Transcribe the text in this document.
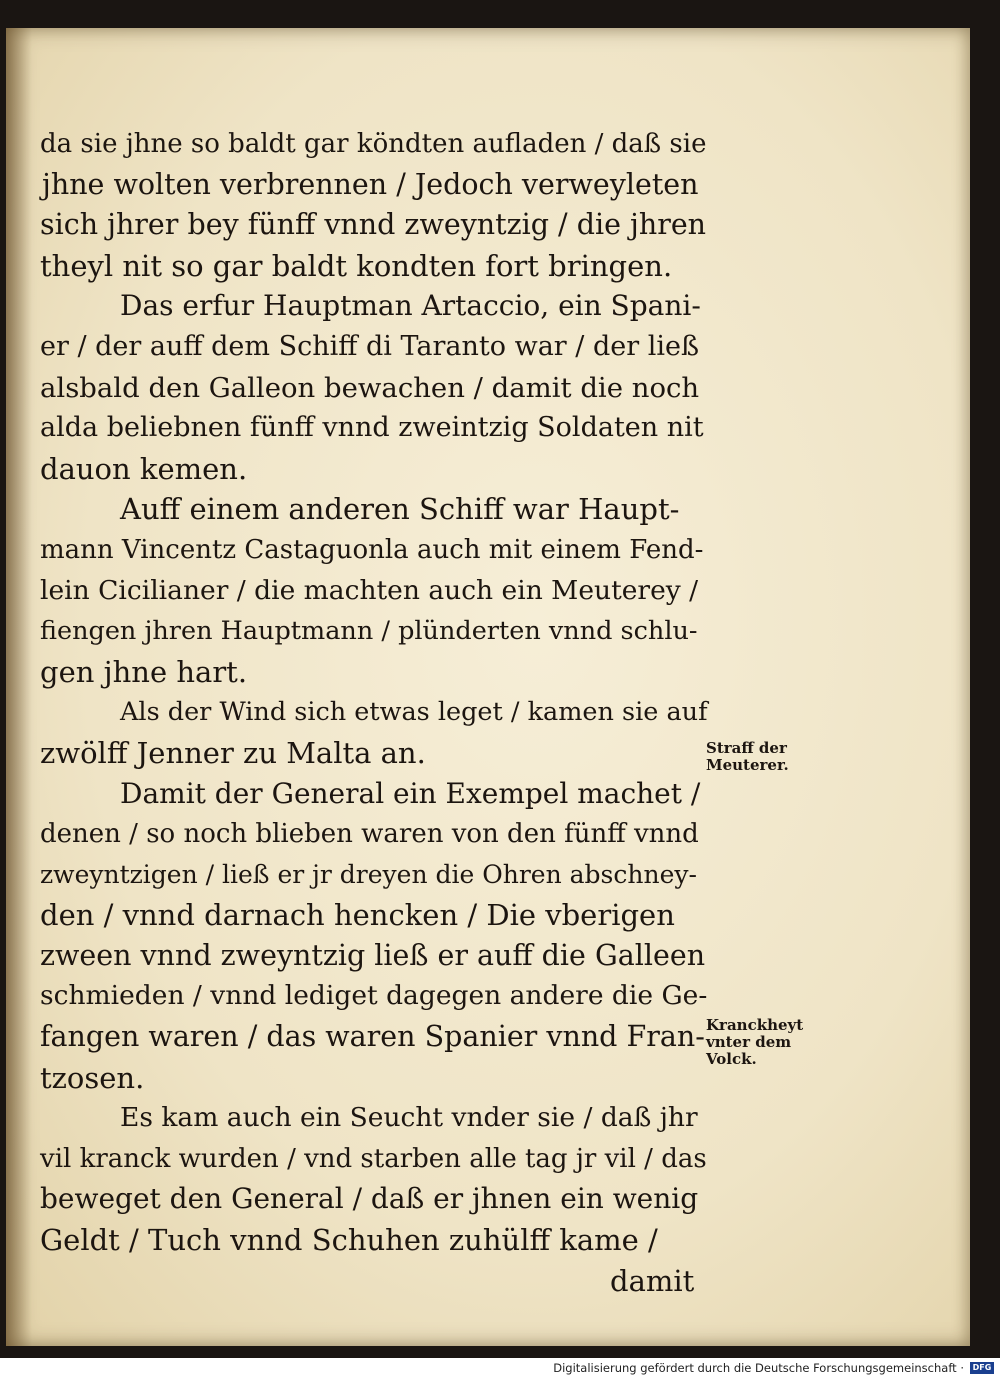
da sie jhne so baldt gar köndten aufladen / daß sie
jhne wolten verbrennen / Jedoch verweyleten
sich jhrer bey fünff vnnd zweyntzig / die jhren
theyl nit so gar baldt kondten fort bringen.
Das erfur Hauptman Artaccio, ein Spani-
er / der auff dem Schiff di Taranto war / der ließ
alsbald den Galleon bewachen / damit die noch
alda beliebnen fünff vnnd zweintzig Soldaten nit
dauon kemen.
Auff einem anderen Schiff war Haupt-
mann Vincentz Castaguonla auch mit einem Fend-
lein Cicilianer / die machten auch ein Meuterey /
fiengen jhren Hauptmann / plünderten vnnd schlu-
gen jhne hart.
Als der Wind sich etwas leget / kamen sie auf
zwölff Jenner zu Malta an.
Damit der General ein Exempel machet /
denen / so noch blieben waren von den fünff vnnd
zweyntzigen / ließ er jr dreyen die Ohren abschney-
den / vnnd darnach hencken / Die vberigen
zween vnnd zweyntzig ließ er auff die Galleen
schmieden / vnnd lediget dagegen andere die Ge-
fangen waren / das waren Spanier vnnd Fran-
tzosen.
Es kam auch ein Seucht vnder sie / daß jhr
vil kranck wurden / vnd starben alle tag jr vil / das
beweget den General / daß er jhnen ein wenig
Geldt / Tuch vnnd Schuhen zuhülff kame /
damit
Straff der
Meuterer.
Kranckheyt
vnter dem
Volck.
Digitalisierung gefördert durch die Deutsche Forschungsgemeinschaft ·	DFG
